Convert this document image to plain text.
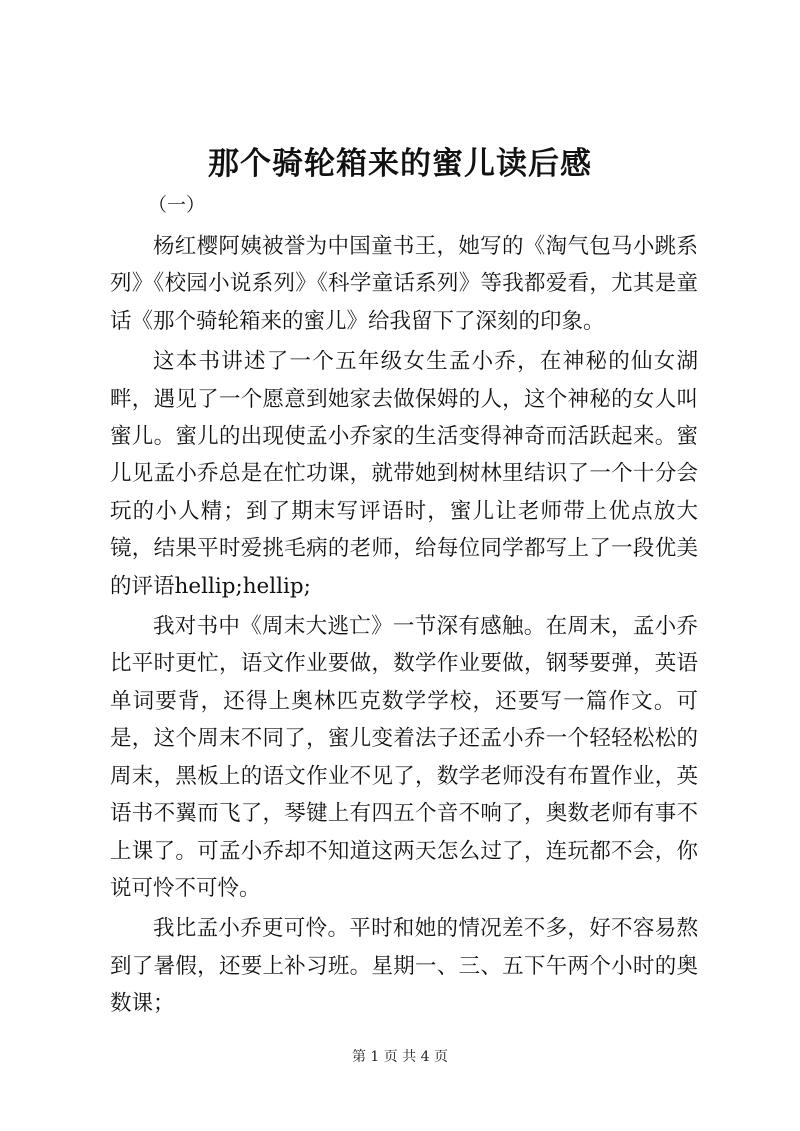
那个骑轮箱来的蜜儿读后感

（一）

杨红樱阿姨被誉为中国童书王，她写的《淘气包马小跳系列》《校园小说系列》《科学童话系列》等我都爱看，尤其是童话《那个骑轮箱来的蜜儿》给我留下了深刻的印象。

这本书讲述了一个五年级女生孟小乔，在神秘的仙女湖畔，遇见了一个愿意到她家去做保姆的人，这个神秘的女人叫蜜儿。蜜儿的出现使孟小乔家的生活变得神奇而活跃起来。蜜儿见孟小乔总是在忙功课，就带她到树林里结识了一个十分会玩的小人精；到了期末写评语时，蜜儿让老师带上优点放大镜，结果平时爱挑毛病的老师，给每位同学都写上了一段优美的评语hellip;hellip;

我对书中《周末大逃亡》一节深有感触。在周末，孟小乔比平时更忙，语文作业要做，数学作业要做，钢琴要弹，英语单词要背，还得上奥林匹克数学学校，还要写一篇作文。可是，这个周末不同了，蜜儿变着法子还孟小乔一个轻轻松松的周末，黑板上的语文作业不见了，数学老师没有布置作业，英语书不翼而飞了，琴键上有四五个音不响了，奥数老师有事不上课了。可孟小乔却不知道这两天怎么过了，连玩都不会，你说可怜不可怜。

我比孟小乔更可怜。平时和她的情况差不多，好不容易熬到了暑假，还要上补习班。星期一、三、五下午两个小时的奥数课；

第 1 页 共 4 页
